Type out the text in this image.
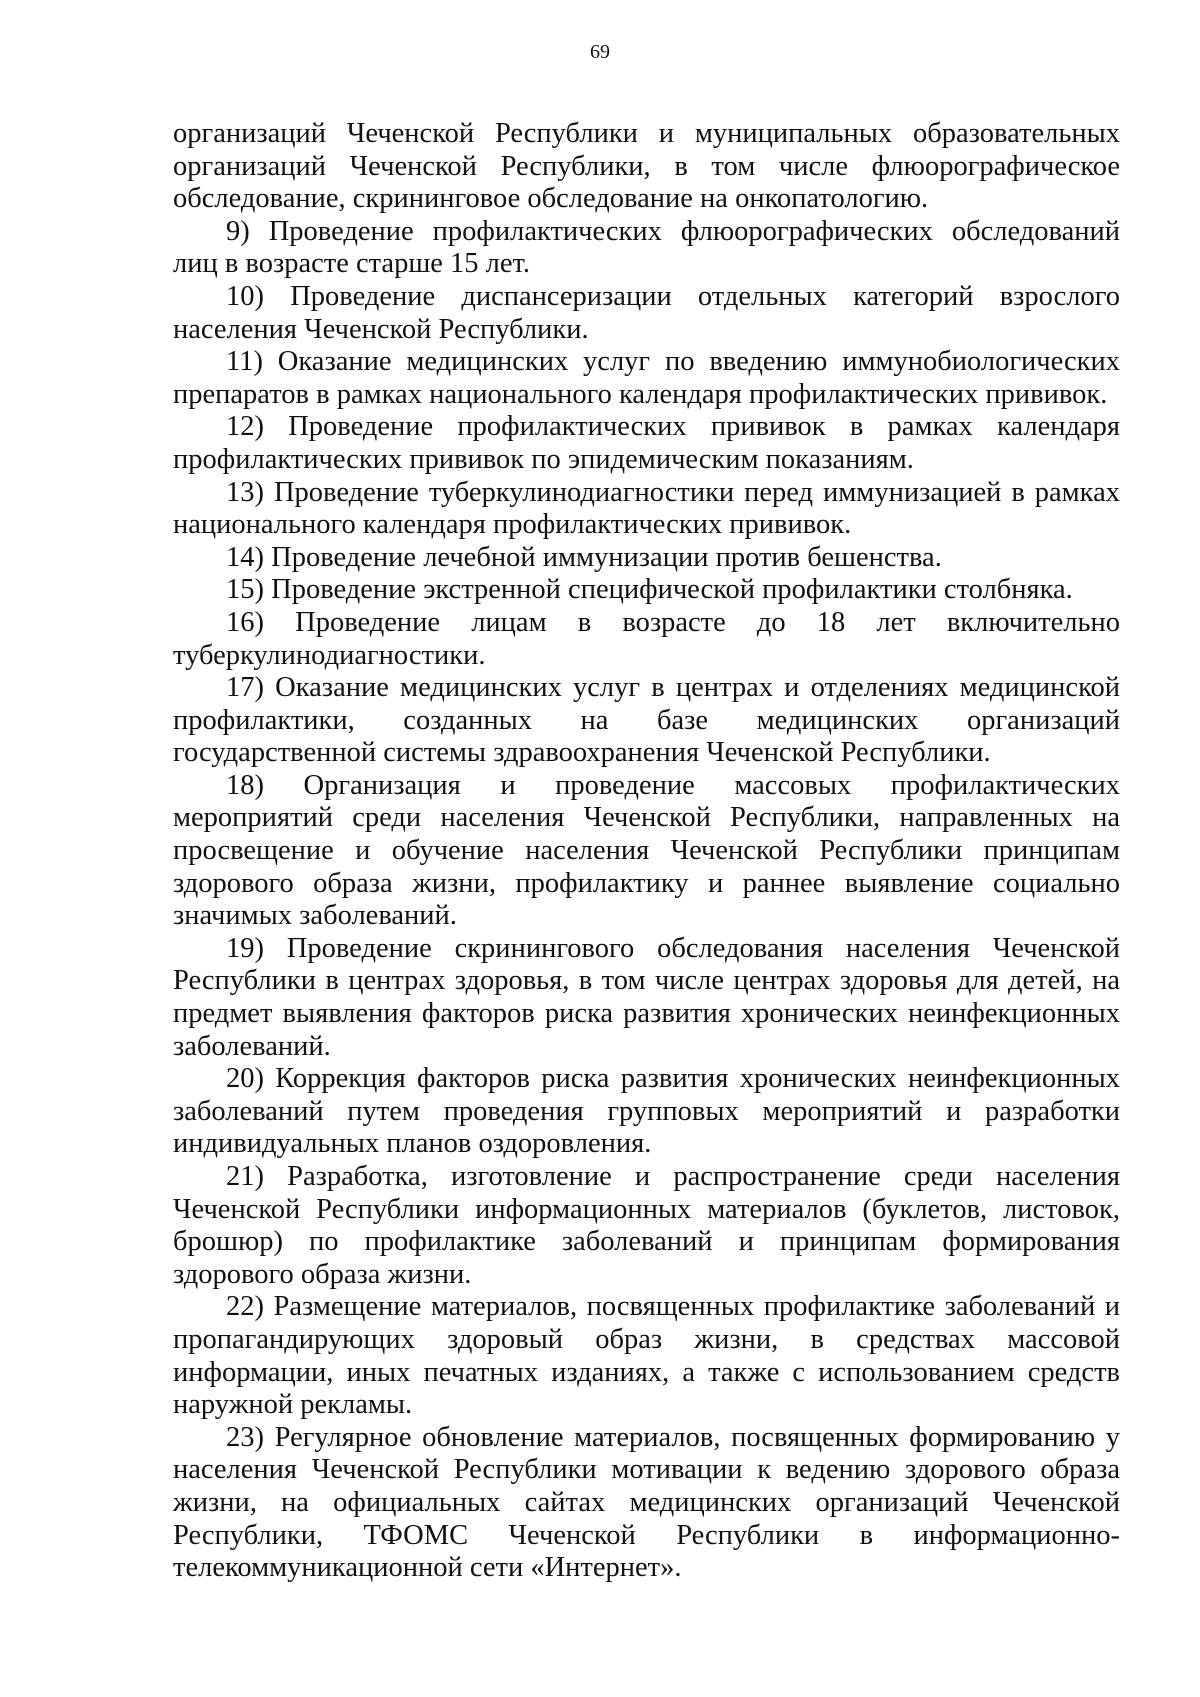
69

организаций Чеченской Республики и муниципальных образовательных организаций Чеченской Республики, в том числе флюорографическое обследование, скрининговое обследование на онкопатологию.

9) Проведение профилактических флюорографических обследований лиц в возрасте старше 15 лет.

10) Проведение диспансеризации отдельных категорий взрослого населения Чеченской Республики.

11) Оказание медицинских услуг по введению иммунобиологических препаратов в рамках национального календаря профилактических прививок.

12) Проведение профилактических прививок в рамках календаря профилактических прививок по эпидемическим показаниям.

13) Проведение туберкулинодиагностики перед иммунизацией в рамках национального календаря профилактических прививок.

14) Проведение лечебной иммунизации против бешенства.

15) Проведение экстренной специфической профилактики столбняка.

16) Проведение лицам в возрасте до 18 лет включительно туберкулинодиагностики.

17) Оказание медицинских услуг в центрах и отделениях медицинской профилактики, созданных на базе медицинских организаций государственной системы здравоохранения Чеченской Республики.

18) Организация и проведение массовых профилактических мероприятий среди населения Чеченской Республики, направленных на просвещение и обучение населения Чеченской Республики принципам здорового образа жизни, профилактику и раннее выявление социально значимых заболеваний.

19) Проведение скринингового обследования населения Чеченской Республики в центрах здоровья, в том числе центрах здоровья для детей, на предмет выявления факторов риска развития хронических неинфекционных заболеваний.

20) Коррекция факторов риска развития хронических неинфекционных заболеваний путем проведения групповых мероприятий и разработки индивидуальных планов оздоровления.

21) Разработка, изготовление и распространение среди населения Чеченской Республики информационных материалов (буклетов, листовок, брошюр) по профилактике заболеваний и принципам формирования здорового образа жизни.

22) Размещение материалов, посвященных профилактике заболеваний и пропагандирующих здоровый образ жизни, в средствах массовой информации, иных печатных изданиях, а также с использованием средств наружной рекламы.

23) Регулярное обновление материалов, посвященных формированию у населения Чеченской Республики мотивации к ведению здорового образа жизни, на официальных сайтах медицинских организаций Чеченской Республики, ТФОМС Чеченской Республики в информационно-телекоммуникационной сети «Интернет».
